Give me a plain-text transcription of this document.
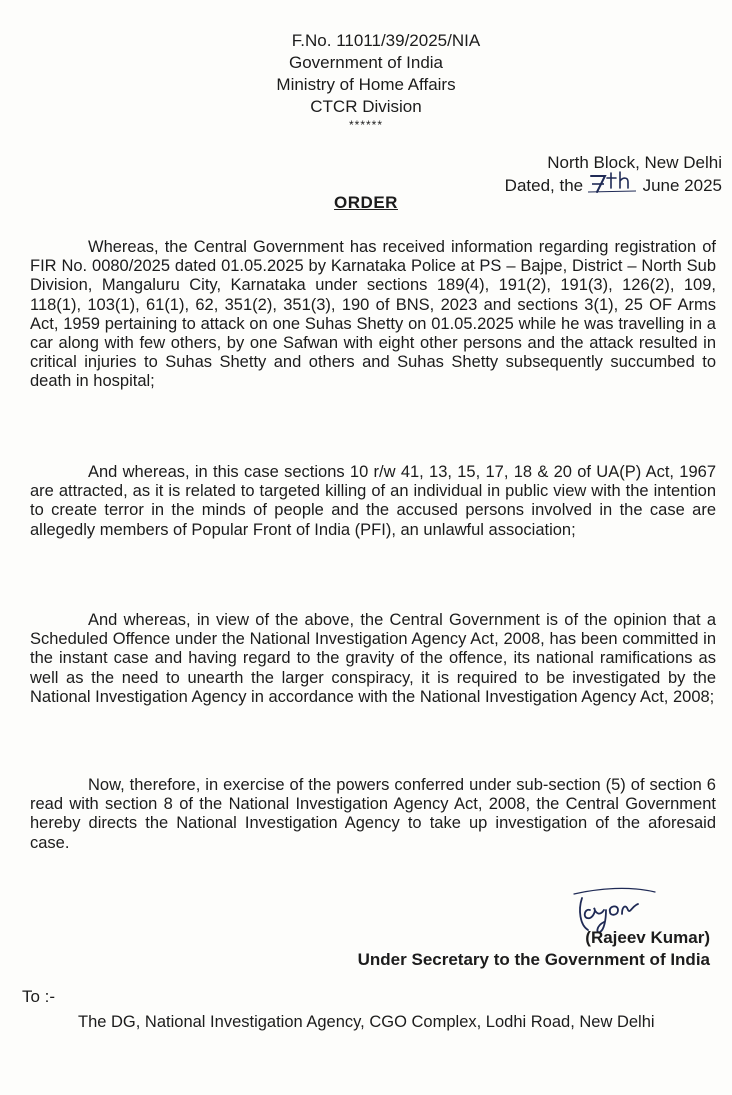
F.No. 11011/39/2025/NIA
Government of India
Ministry of Home Affairs
CTCR Division
******
North Block, New Delhi
Dated, the	June 2025
ORDER

Whereas, the Central Government has received information regarding registration of FIR No. 0080/2025 dated 01.05.2025 by Karnataka Police at PS – Bajpe, District – North Sub Division, Mangaluru City, Karnataka under sections 189(4), 191(2), 191(3), 126(2), 109, 118(1), 103(1), 61(1), 62, 351(2), 351(3), 190 of BNS, 2023 and sections 3(1), 25 OF Arms Act, 1959 pertaining to attack on one Suhas Shetty on 01.05.2025 while he was travelling in a car along with few others, by one Safwan with eight other persons and the attack resulted in critical injuries to Suhas Shetty and others and Suhas Shetty subsequently succumbed to death in hospital;

And whereas, in this case sections 10 r/w 41, 13, 15, 17, 18 & 20 of UA(P) Act, 1967 are attracted, as it is related to targeted killing of an individual in public view with the intention to create terror in the minds of people and the accused persons involved in the case are allegedly members of Popular Front of India (PFI), an unlawful association;

And whereas, in view of the above, the Central Government is of the opinion that a Scheduled Offence under the National Investigation Agency Act, 2008, has been committed in the instant case and having regard to the gravity of the offence, its national ramifications as well as the need to unearth the larger conspiracy, it is required to be investigated by the National Investigation Agency in accordance with the National Investigation Agency Act, 2008;

Now, therefore, in exercise of the powers conferred under sub-section (5) of section 6 read with section 8 of the National Investigation Agency Act, 2008, the Central Government hereby directs the National Investigation Agency to take up investigation of the aforesaid case.

(Rajeev Kumar)
Under Secretary to the Government of India
To :-
The DG, National Investigation Agency, CGO Complex, Lodhi Road, New Delhi
